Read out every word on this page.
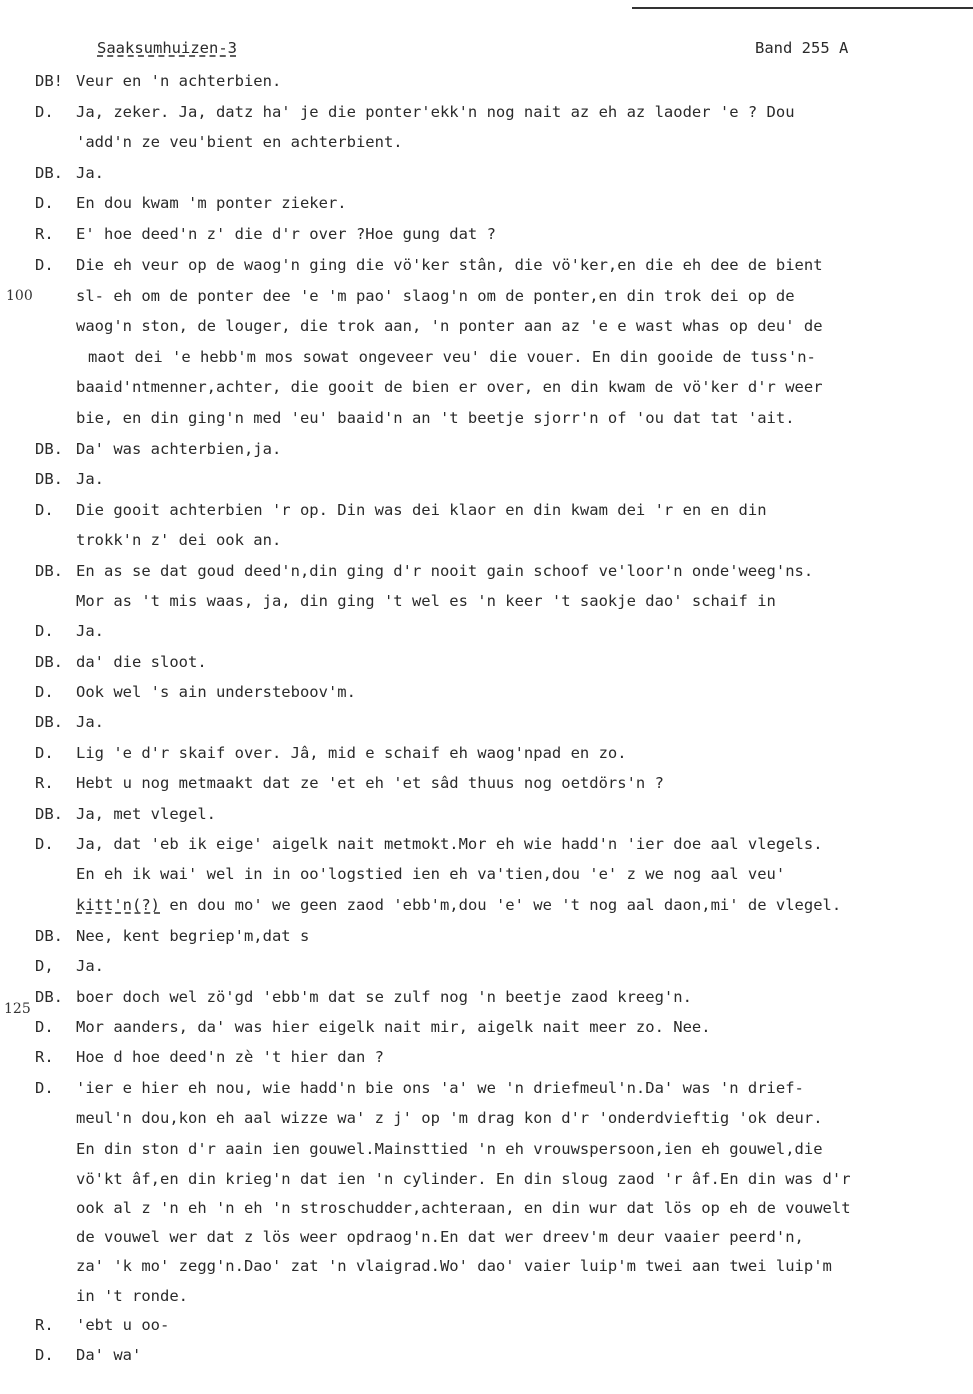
Saaksumhuizen-3	Band 255 A
100
125
DB! Veur en 'n achterbien.
D. Ja, zeker. Ja, datz ha' je die ponter'ekk'n nog nait az eh az laoder 'e ? Dou
'add'n ze veu'bient en achterbient.
DB. Ja.
D. En dou kwam 'm ponter zieker.
R. E' hoe deed'n z' die d'r over ?Hoe gung dat ?
D. Die eh veur op de waog'n ging die vö'ker stân, die vö'ker,en die eh dee de bient
sl- eh om de ponter dee 'e 'm pao' slaog'n om de ponter,en din trok dei op de
waog'n ston, de louger, die trok aan, 'n ponter aan az 'e e wast whas op deu' de
maot dei 'e hebb'm mos sowat ongeveer veu' die vouer. En din gooide de tuss'n-
baaid'ntmenner,achter, die gooit de bien er over, en din kwam de vö'ker d'r weer
bie, en din ging'n med 'eu' baaid'n an 't beetje sjorr'n of 'ou dat tat 'ait.
DB. Da' was achterbien,ja.
DB. Ja.
D. Die gooit achterbien 'r op. Din was dei klaor en din kwam dei 'r en en din
trokk'n z' dei ook an.
DB. En as se dat goud deed'n,din ging d'r nooit gain schoof ve'loor'n onde'weeg'ns.
Mor as 't mis waas, ja, din ging 't wel es 'n keer 't saokje dao' schaif in
D. Ja.
DB. da' die sloot.
D. Ook wel 's ain understeboov'm.
DB. Ja.
D. Lig 'e d'r skaif over. Jâ, mid e schaif eh waog'npad en zo.
R. Hebt u nog metmaakt dat ze 'et eh 'et sâd thuus nog oetdörs'n ?
DB. Ja, met vlegel.
D. Ja, dat 'eb ik eige' aigelk nait metmokt.Mor eh wie hadd'n 'ier doe aal vlegels.
En eh ik wai' wel in in oo'logstied ien eh va'tien,dou 'e' z we nog aal veu'
kitt'n(?) en dou mo' we geen zaod 'ebb'm,dou 'e' we 't nog aal daon,mi' de vlegel.
DB. Nee, kent begriep'm,dat s
D, Ja.
DB. boer doch wel zö'gd 'ebb'm dat se zulf nog 'n beetje zaod kreeg'n.
D. Mor aanders, da' was hier eigelk nait mir, aigelk nait meer zo. Nee.
R. Hoe d hoe deed'n zè 't hier dan ?
D. 'ier e hier eh nou, wie hadd'n bie ons 'a' we 'n driefmeul'n.Da' was 'n drief-
meul'n dou,kon eh aal wizze wa' z j' op 'm drag kon d'r 'onderdvieftig 'ok deur.
En din ston d'r aain ien gouwel.Mainsttied 'n eh vrouwspersoon,ien eh gouwel,die
vö'kt âf,en din krieg'n dat ien 'n cylinder. En din sloug zaod 'r âf.En din was d'r
ook al z 'n eh 'n eh 'n stroschudder,achteraan, en din wur dat lös op eh de vouwelt
de vouwel wer dat z lös weer opdraog'n.En dat wer dreev'm deur vaaier peerd'n,
za' 'k mo' zegg'n.Dao' zat 'n vlaigrad.Wo' dao' vaier luip'm twei aan twei luip'm
in 't ronde.
R. 'ebt u oo-
D. Da' wa'
